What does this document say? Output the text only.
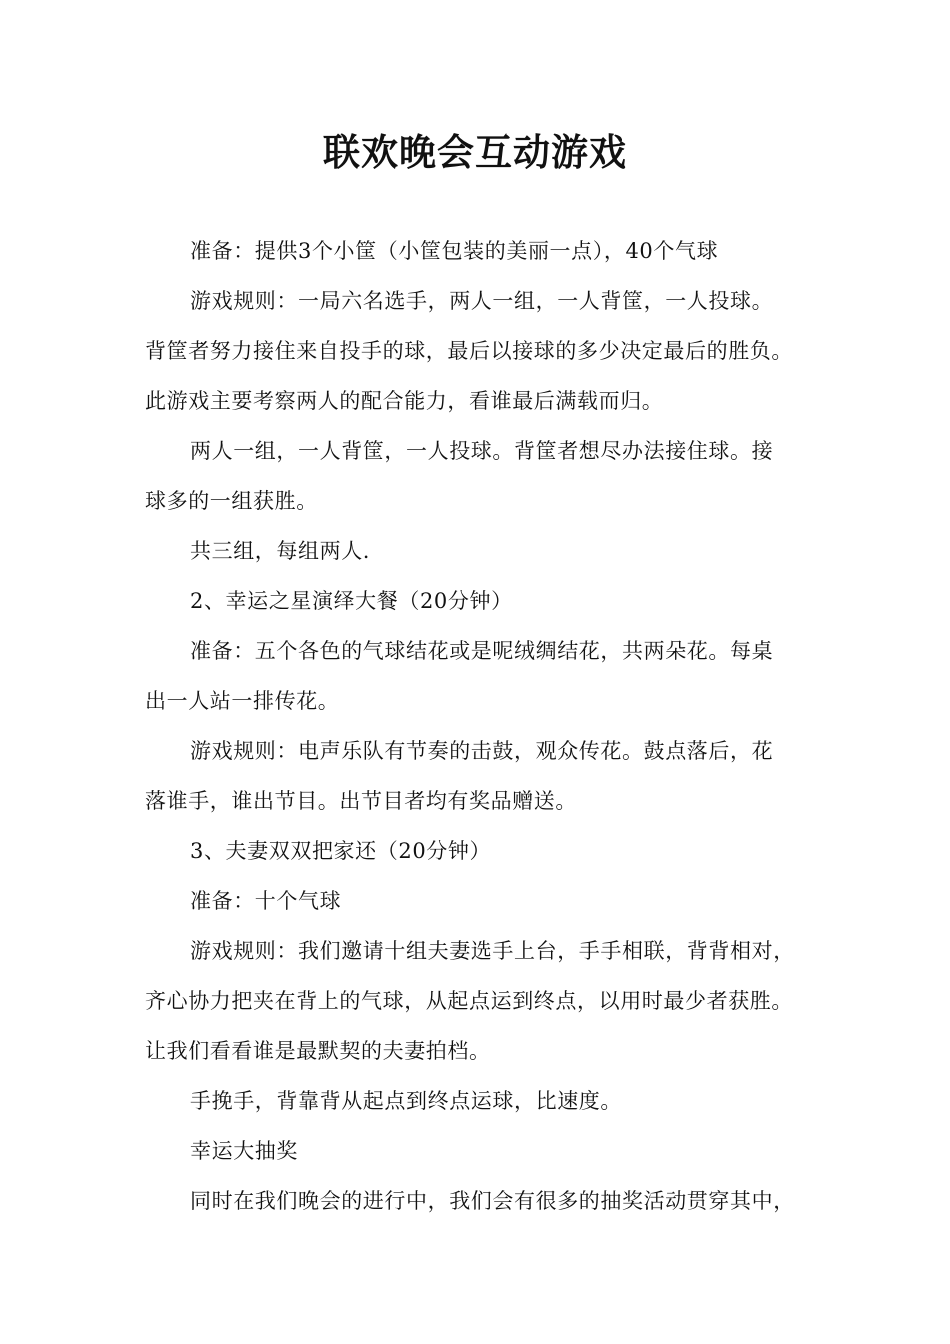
联欢晚会互动游戏

准备：提供3个小筐（小筐包装的美丽一点），40个气球

游戏规则：一局六名选手，两人一组，一人背筐，一人投球。

背筐者努力接住来自投手的球，最后以接球的多少决定最后的胜负。

此游戏主要考察两人的配合能力，看谁最后满载而归。

两人一组，一人背筐，一人投球。背筐者想尽办法接住球。接

球多的一组获胜。

共三组，每组两人.

2、幸运之星演绎大餐（20分钟）

准备：五个各色的气球结花或是呢绒绸结花，共两朵花。每桌

出一人站一排传花。

游戏规则：电声乐队有节奏的击鼓，观众传花。鼓点落后，花

落谁手，谁出节目。出节目者均有奖品赠送。

3、夫妻双双把家还（20分钟）

准备：十个气球

游戏规则：我们邀请十组夫妻选手上台，手手相联，背背相对，

齐心协力把夹在背上的气球，从起点运到终点，以用时最少者获胜。

让我们看看谁是最默契的夫妻拍档。

手挽手，背靠背从起点到终点运球，比速度。

幸运大抽奖

同时在我们晚会的进行中，我们会有很多的抽奖活动贯穿其中，
